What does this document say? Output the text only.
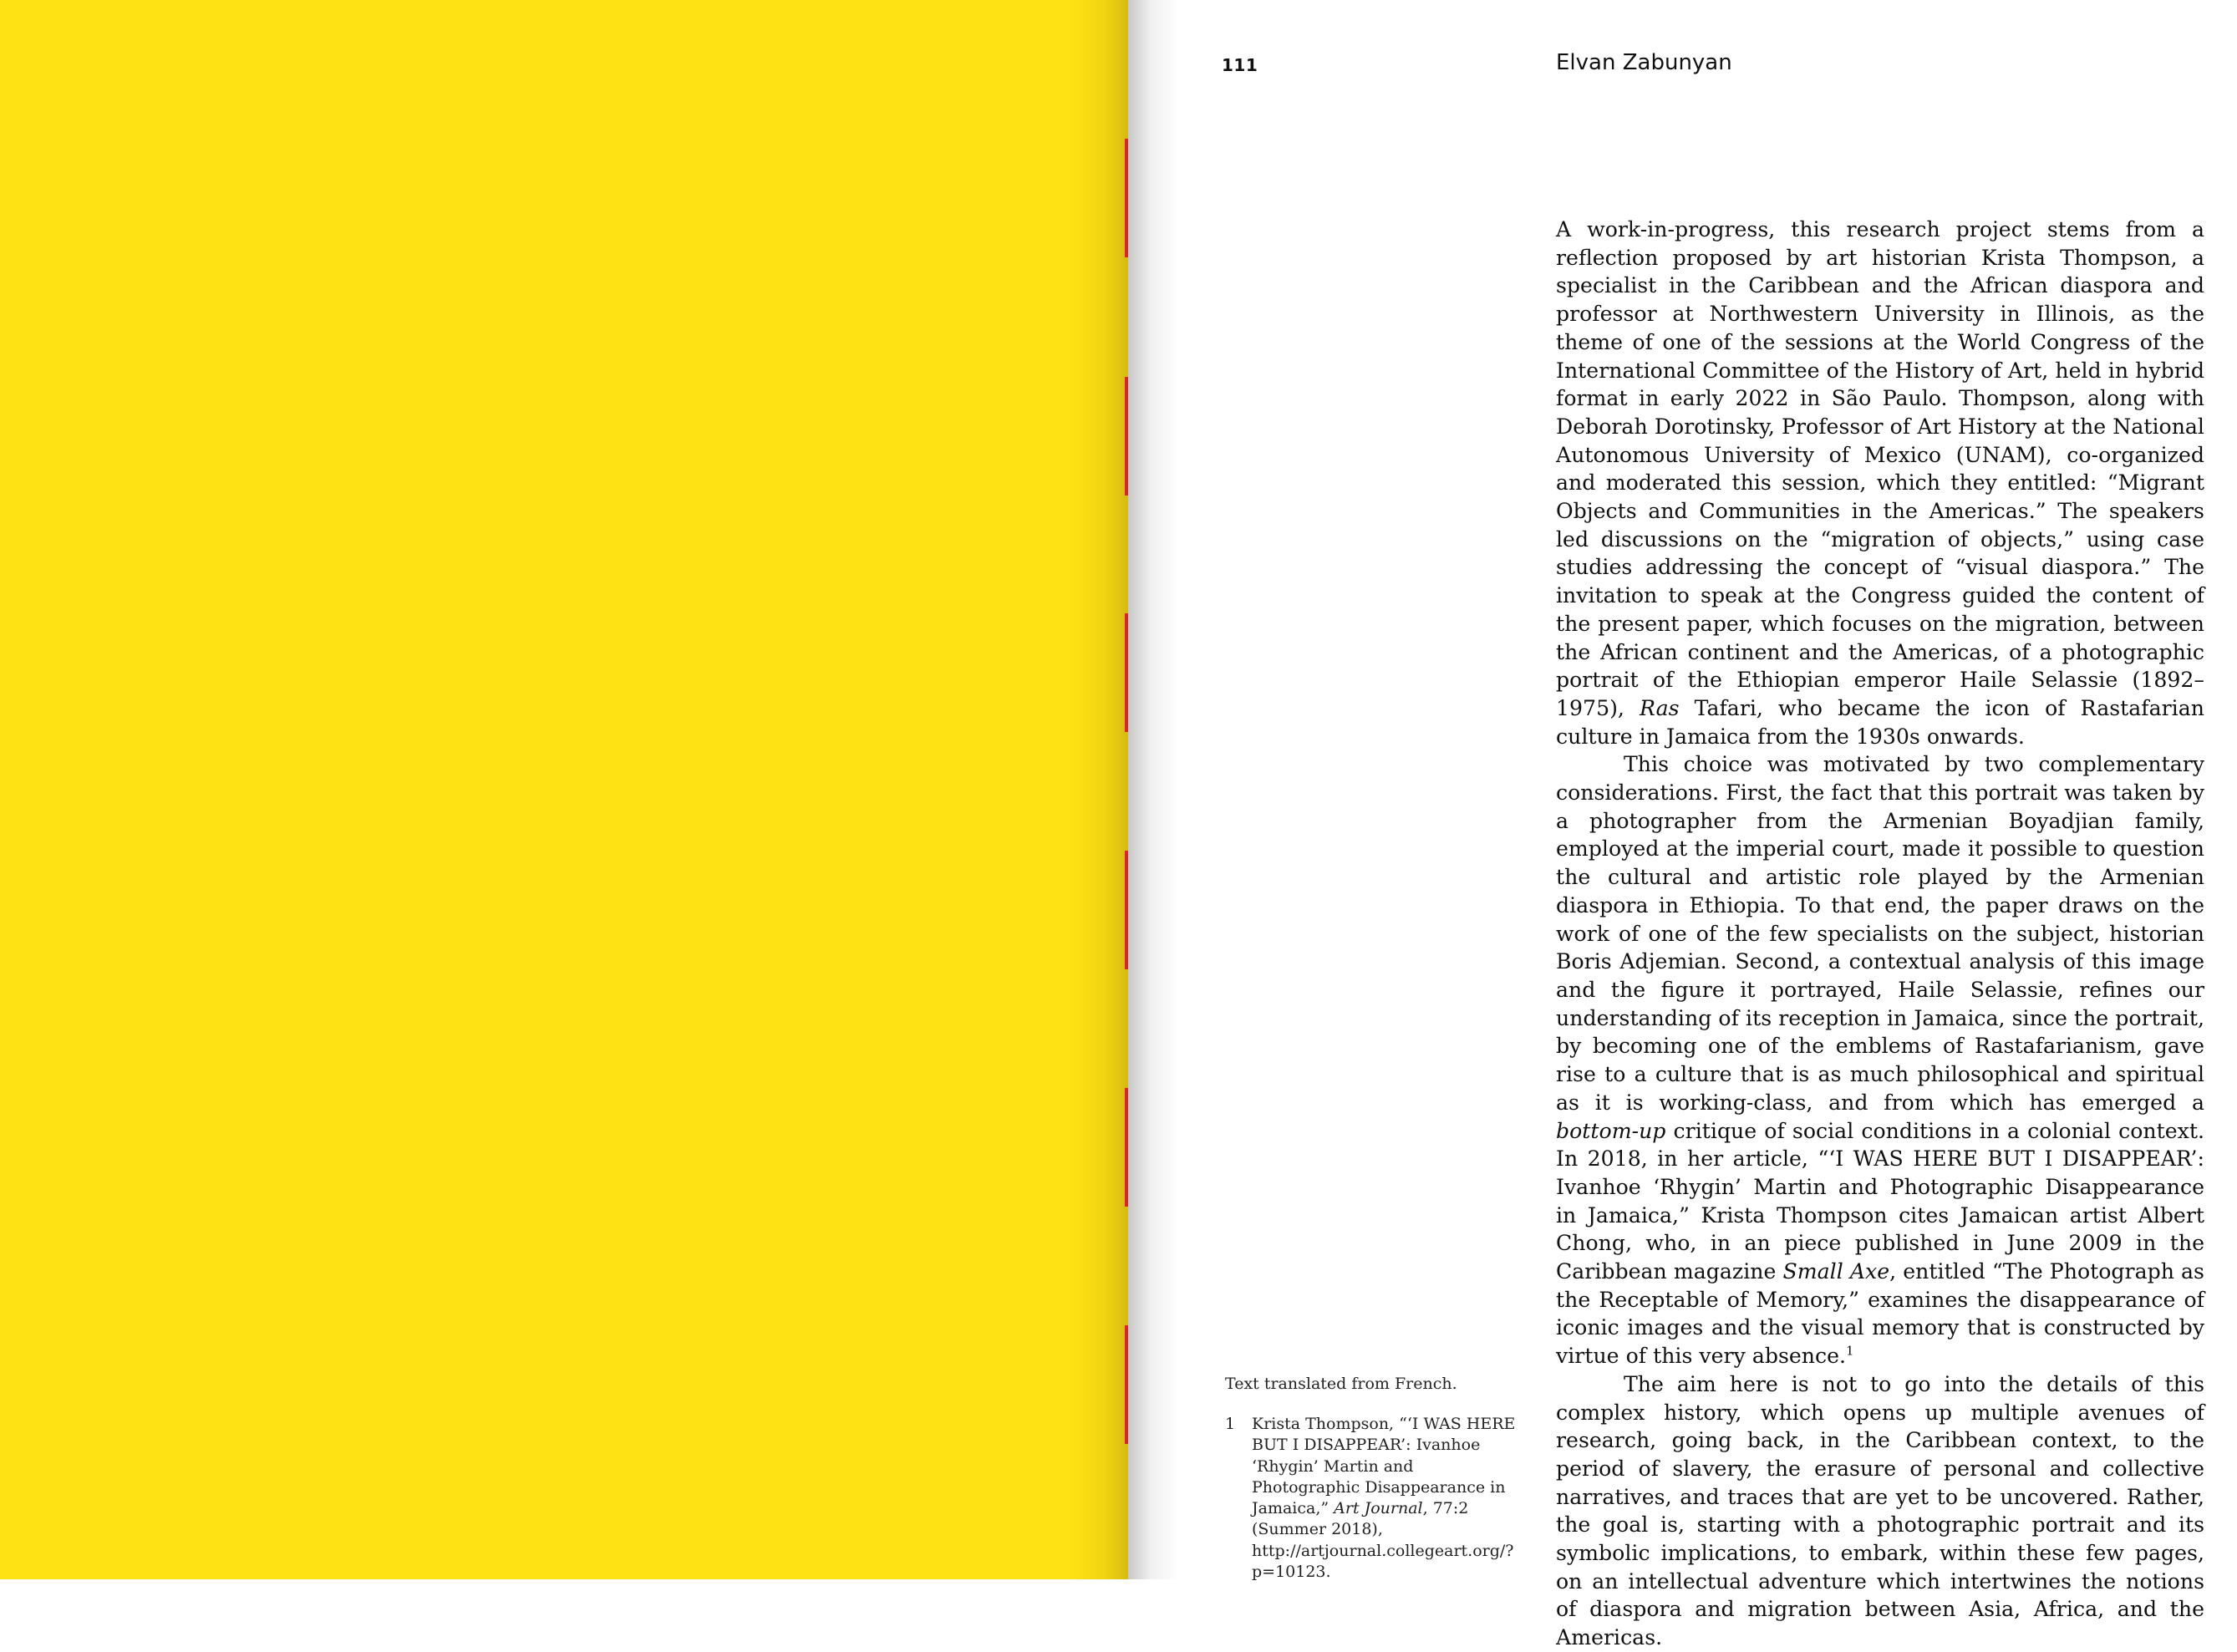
111	Elvan Zabunyan

A work-in-progress, this research project stems from a reflection proposed by art historian Krista Thompson, a specialist in the Caribbean and the African diaspora and professor at Northwestern University in Illinois, as the theme of one of the sessions at the World Congress of the International Committee of the History of Art, held in hybrid format in early 2022 in São Paulo. Thompson, along with Deborah Dorotinsky, Professor of Art History at the National Autonomous University of Mexico (UNAM), co-organized and moderated this session, which they entitled: “Migrant Objects and Communities in the Americas.” The speakers led discussions on the “migration of objects,” using case studies addressing the concept of “visual diaspora.” The invitation to speak at the Congress guided the content of the present paper, which focuses on the migration, between the African continent and the Americas, of a photographic portrait of the Ethiopian emperor Haile Selassie (1892–1975), Ras Tafari, who became the icon of Rastafarian culture in Jamaica from the 1930s onwards.

This choice was motivated by two complementary considerations. First, the fact that this portrait was taken by a photographer from the Armenian Boyadjian family, employed at the imperial court, made it possible to question the cultural and artistic role played by the Armenian diaspora in Ethiopia. To that end, the paper draws on the work of one of the few specialists on the subject, historian Boris Adjemian. Second, a contextual analysis of this image and the figure it portrayed, Haile Selassie, refines our understanding of its reception in Jamaica, since the portrait, by becoming one of the emblems of Rastafarianism, gave rise to a culture that is as much philosophical and spiritual as it is working-class, and from which has emerged a bottom-up critique of social conditions in a colonial context. In 2018, in her article, “‘I WAS HERE BUT I DISAPPEAR’: Ivanhoe ‘Rhygin’ Martin and Photographic Disappearance in Jamaica,” Krista Thompson cites Jamaican artist Albert Chong, who, in an piece published in June 2009 in the Caribbean magazine Small Axe, entitled “The Photograph as the Receptable of Memory,” examines the disappearance of iconic images and the visual memory that is constructed by virtue of this very absence.$^1$

The aim here is not to go into the details of this complex history, which opens up multiple avenues of research, going back, in the Caribbean context, to the period of slavery, the erasure of personal and collective narratives, and traces that are yet to be uncovered. Rather, the goal is, starting with a photographic portrait and its symbolic implications, to embark, within these few pages, on an intellectual adventure which intertwines the notions of diaspora and migration between Asia, Africa, and the Americas.

Text translated from French.
1 Krista Thompson, “‘I WAS HERE BUT I DISAPPEAR’: Ivanhoe ‘Rhygin’ Martin and Photographic Disappearance in Jamaica,” Art Journal, 77:2 (Summer 2018), http://artjournal.collegeart.org/?p=10123.
